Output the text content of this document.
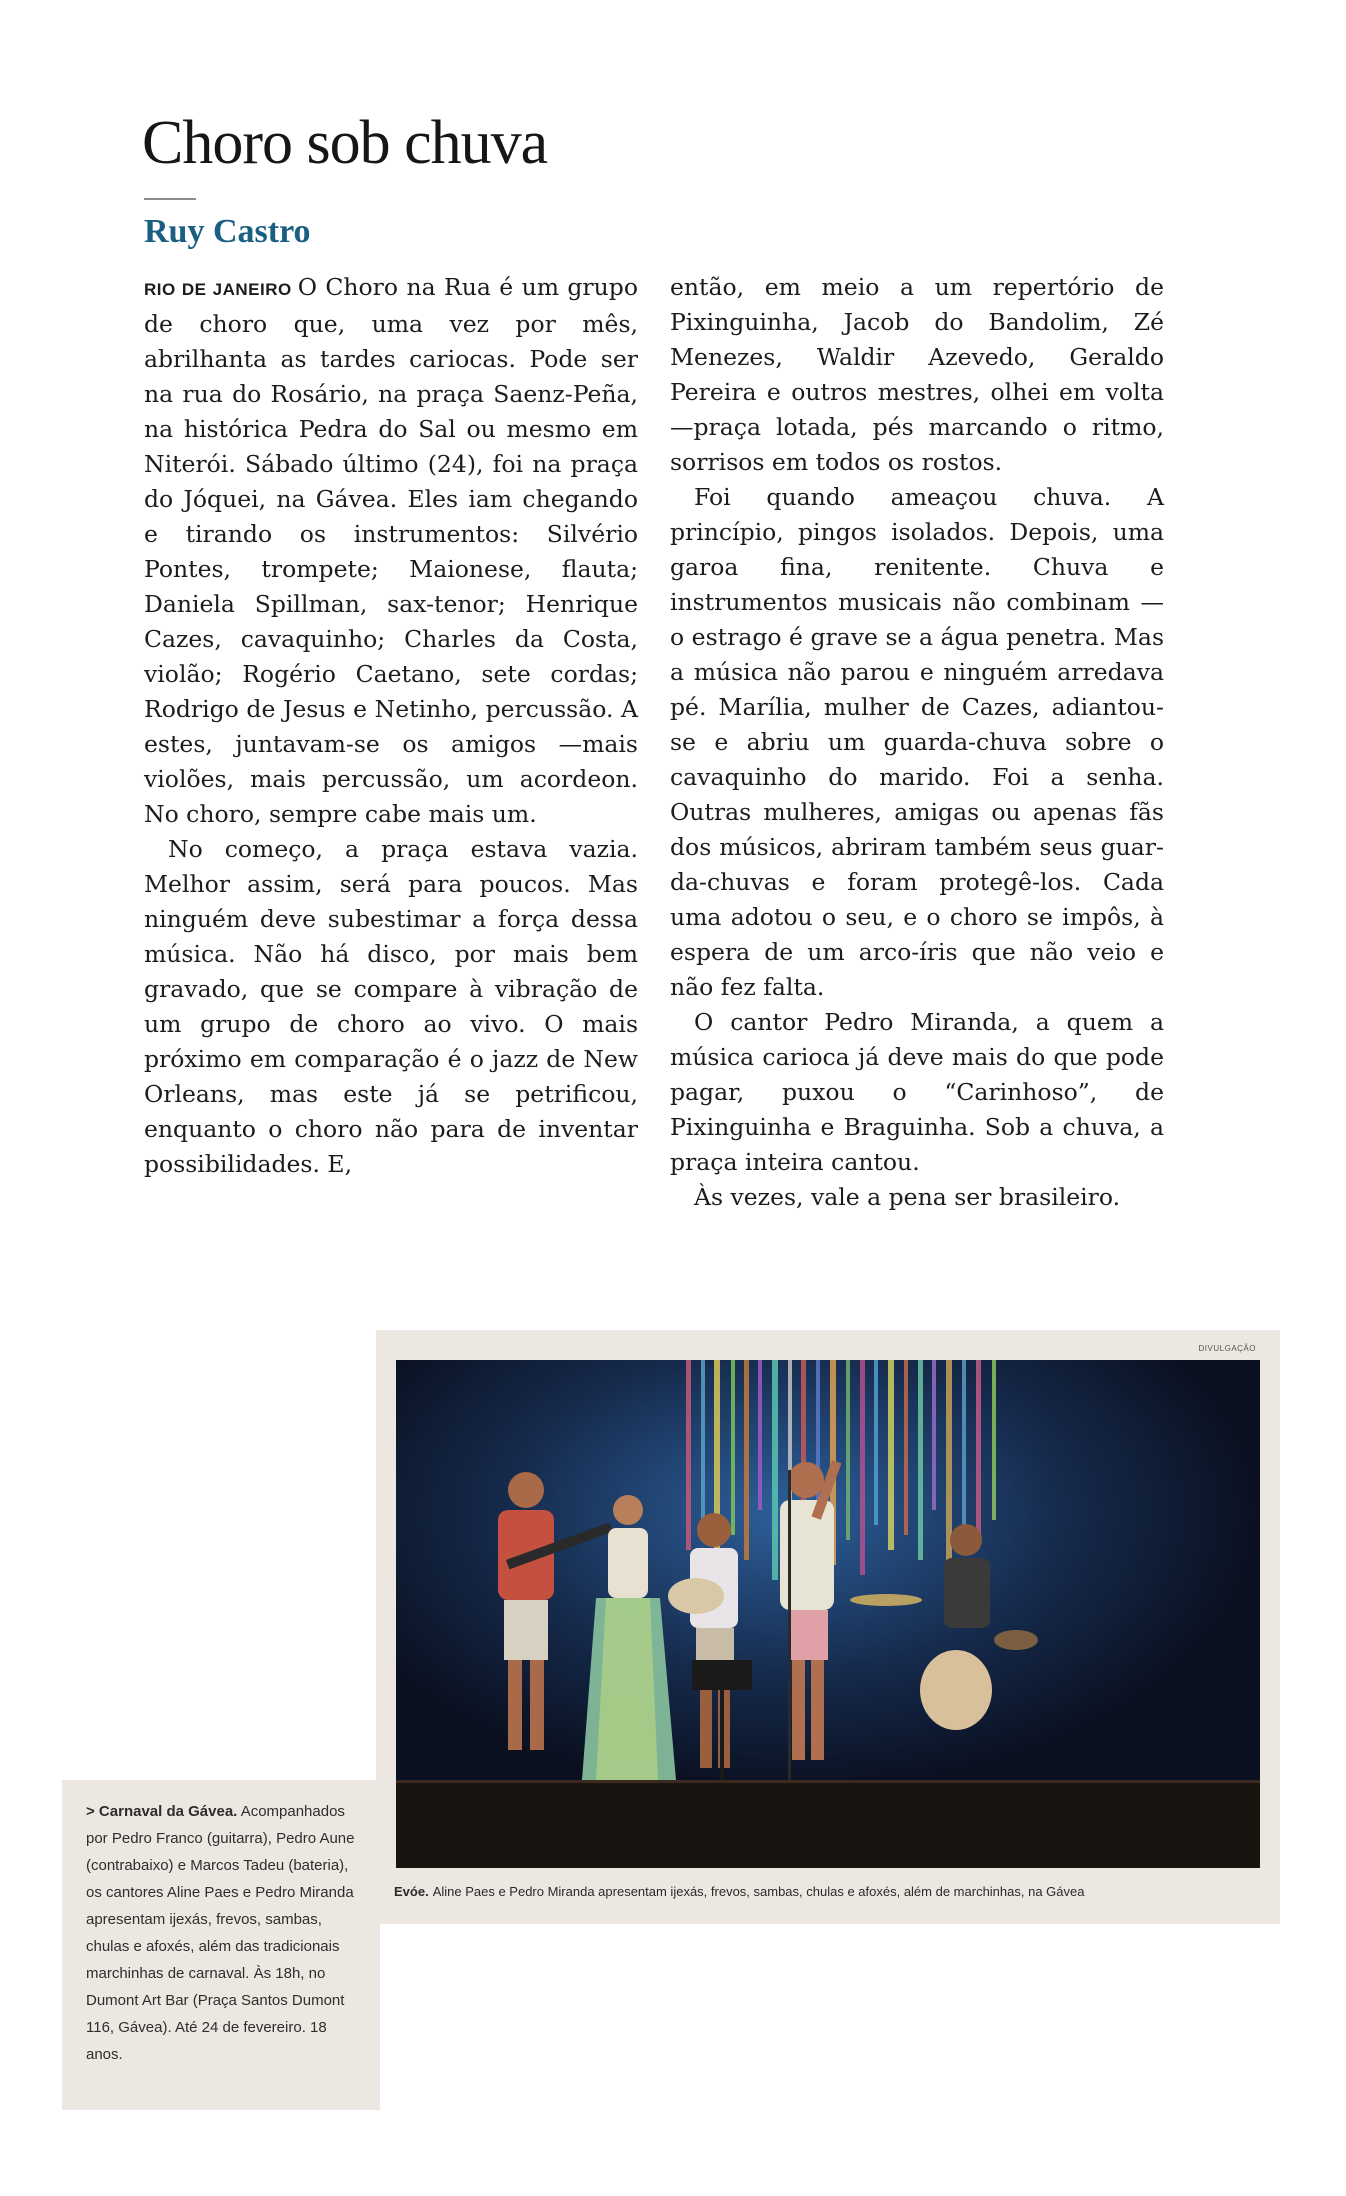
Choro sob chuva
Ruy Castro

RIO DE JANEIRO O Choro na Rua é um grupo de choro que, uma vez por mês, abrilhanta as tardes cariocas. Pode ser na rua do Rosário, na praça Saenz-Peña, na histórica Pedra do Sal ou mesmo em Niterói. Sábado último (24), foi na praça do Jóquei, na Gávea. Eles iam chegando e tirando os instrumentos: Silvério Pontes, trompete; Maionese, flauta; Daniela Spillman, sax-tenor; Henrique Cazes, cavaquinho; Charles da Costa, violão; Rogério Caetano, sete cordas; Rodrigo de Jesus e Netinho, percussão. A estes, juntavam-se os amigos —mais violões, mais percussão, um acordeon. No choro, sempre cabe mais um.

No começo, a praça estava vazia. Melhor assim, será para poucos. Mas ninguém deve subestimar a força dessa música. Não há disco, por mais bem gravado, que se compare à vibração de um grupo de choro ao vivo. O mais próximo em comparação é o jazz de New Orleans, mas este já se petrificou, enquanto o choro não para de inventar possibilidades. E,

então, em meio a um repertório de Pixinguinha, Jacob do Bandolim, Zé Menezes, Waldir Azevedo, Geraldo Pereira e outros mestres, olhei em volta —praça lotada, pés marcando o ritmo, sorrisos em todos os rostos.

Foi quando ameaçou chuva. A princípio, pingos isolados. Depois, uma garoa fina, renitente. Chuva e instrumentos musicais não combinam —o estrago é grave se a água penetra. Mas a música não parou e ninguém arredava pé. Marília, mulher de Cazes, adiantou-se e abriu um guarda-chuva sobre o cavaquinho do marido. Foi a senha. Outras mulheres, amigas ou apenas fãs dos músicos, abriram também seus guarda-chuvas e foram protegê-los. Cada uma adotou o seu, e o choro se impôs, à espera de um arco-íris que não veio e não fez falta.

O cantor Pedro Miranda, a quem a música carioca já deve mais do que pode pagar, puxou o “Carinhoso”, de Pixinguinha e Braguinha. Sob a chuva, a praça inteira cantou.

Às vezes, vale a pena ser brasileiro.

DIVULGAÇÃO
Evóe. Aline Paes e Pedro Miranda apresentam ijexás, frevos, sambas, chulas e afoxés, além de marchinhas, na Gávea
> Carnaval da Gávea. Acompanhados por Pedro Franco (guitarra), Pedro Aune (contrabaixo) e Marcos Tadeu (bateria), os cantores Aline Paes e Pedro Miranda apresentam ijexás, frevos, sambas, chulas e afoxés, além das tradicionais marchinhas de carnaval. Às 18h, no Dumont Art Bar (Praça Santos Dumont 116, Gávea). Até 24 de fevereiro. 18 anos.
